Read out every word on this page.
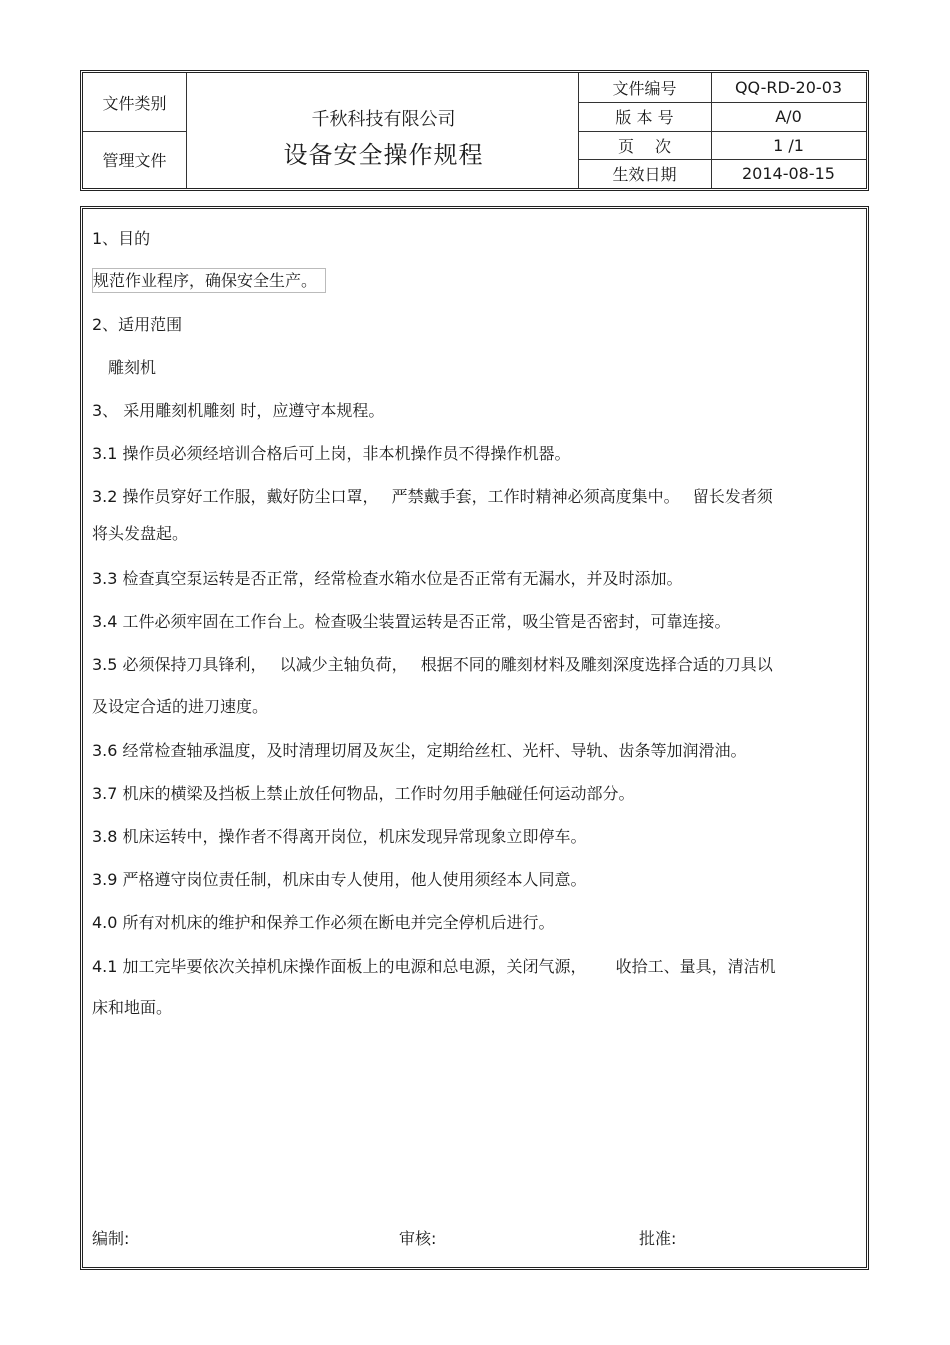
文件类别
管理文件
千秋科技有限公司
设备安全操作规程
文件编号	QQ-RD-20-03
版 本 号	A/0
页　 次	1 /1
生效日期	2014-08-15
1、目的
规范作业程序，确保安全生产。
2、适用范围
　雕刻机
3、 采用雕刻机雕刻 时，应遵守本规程。
3.1 操作员必须经培训合格后可上岗，非本机操作员不得操作机器。
3.2 操作员穿好工作服，戴好防尘口罩，　 严禁戴手套，工作时精神必须高度集中。　 留长发者须
将头发盘起。
3.3 检查真空泵运转是否正常，经常检查水箱水位是否正常有无漏水，并及时添加。
3.4 工件必须牢固在工作台上。检查吸尘装置运转是否正常，吸尘管是否密封，可靠连接。
3.5 必须保持刀具锋利，　 以减少主轴负荷，　 根据不同的雕刻材料及雕刻深度选择合适的刀具以
及设定合适的进刀速度。
3.6 经常检查轴承温度，及时清理切屑及灰尘，定期给丝杠、光杆、导轨、齿条等加润滑油。
3.7 机床的横梁及挡板上禁止放任何物品，工作时勿用手触碰任何运动部分。
3.8 机床运转中，操作者不得离开岗位，机床发现异常现象立即停车。
3.9 严格遵守岗位责任制，机床由专人使用，他人使用须经本人同意。
4.0 所有对机床的维护和保养工作必须在断电并完全停机后进行。
4.1 加工完毕要依次关掉机床操作面板上的电源和总电源，关闭气源，　　 收拾工、量具，清洁机
床和地面。
编制:	审核:	批准:
